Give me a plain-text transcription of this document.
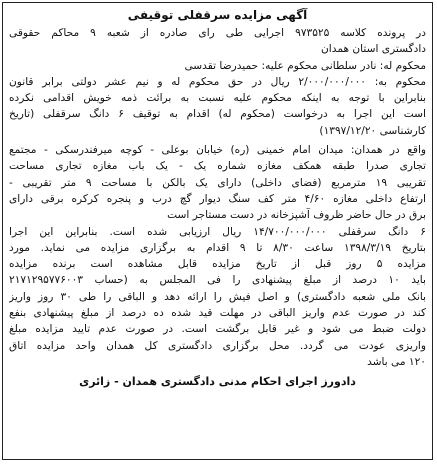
آگهی مزایده سرقفلی توقیفی
در پرونده کلاسه ۹۷۳۵۲۵ اجرایی طی رای صادره از شعبه ۹ محاکم حقوقی
دادگستری استان همدان
محکوم له: نادر سلطانی محکوم علیه: حمیدرضا تقدسی
محکوم به: ۲/۰۰۰/۰۰۰/۰۰۰ ریال در حق محکوم له و نیم عشر دولتی برابر قانون
بنابراین با توجه به اینکه محکوم علیه نسبت به برائت ذمه خویش اقدامی نکرده
است این اجرا به درخواست (محکوم له) اقدام به توقیف ۶ دانگ سرقفلی (تاریخ
کارشناسی ۱۳۹۷/۱۲/۲۰)
واقع در همدان: میدان امام خمینی (ره) خیابان بوعلی - کوچه میرفندرسکی - مجتمع
تجاری صدرا طبقه همکف مغازه شماره یک - یک باب مغازه تجاری مساحت
تقریبی ۱۹ مترمربع (فضای داخلی) دارای یک بالکن با مساحت ۹ متر تقریبی -
ارتفاع داخلی مغازه ۴/۶۰ متر کف سنگ دیوار گچ درب و پنجره کرکره برقی دارای
برق در حال حاضر ظروف آشپزخانه در دست مستاجر است
۶ دانگ سرقفلی ۱۴/۷۰۰/۰۰۰/۰۰۰ ریال ارزیابی شده است. بنابراین این اجرا
بتاریخ ۱۳۹۸/۳/۱۹ ساعت ۸/۳۰ تا ۹ اقدام به برگزاری مزایده می نماید. مورد
مزایده ۵ روز قبل از تاریخ مزایده قابل مشاهده است برنده مزایده
باید ۱۰ درصد از مبلغ پیشنهادی را فی المجلس به (حساب ۲۱۷۱۲۹۵۷۷۶۰۰۳
بانک ملی شعبه دادگستری) و اصل فیش را ارائه دهد و الباقی را طی ۳۰ روز واریز
کند در صورت عدم واریز الباقی در مهلت قید شده ده درصد از مبلغ پیشنهادی بنفع
دولت ضبط می شود و غیر قابل برگشت است. در صورت عدم تایید مزایده مبلغ
واریزی عودت می گردد. محل برگزاری دادگستری کل همدان واحد مزایده اتاق
۱۲۰ می باشد
دادورز اجرای احکام مدنی دادگستری همدان - زائری
